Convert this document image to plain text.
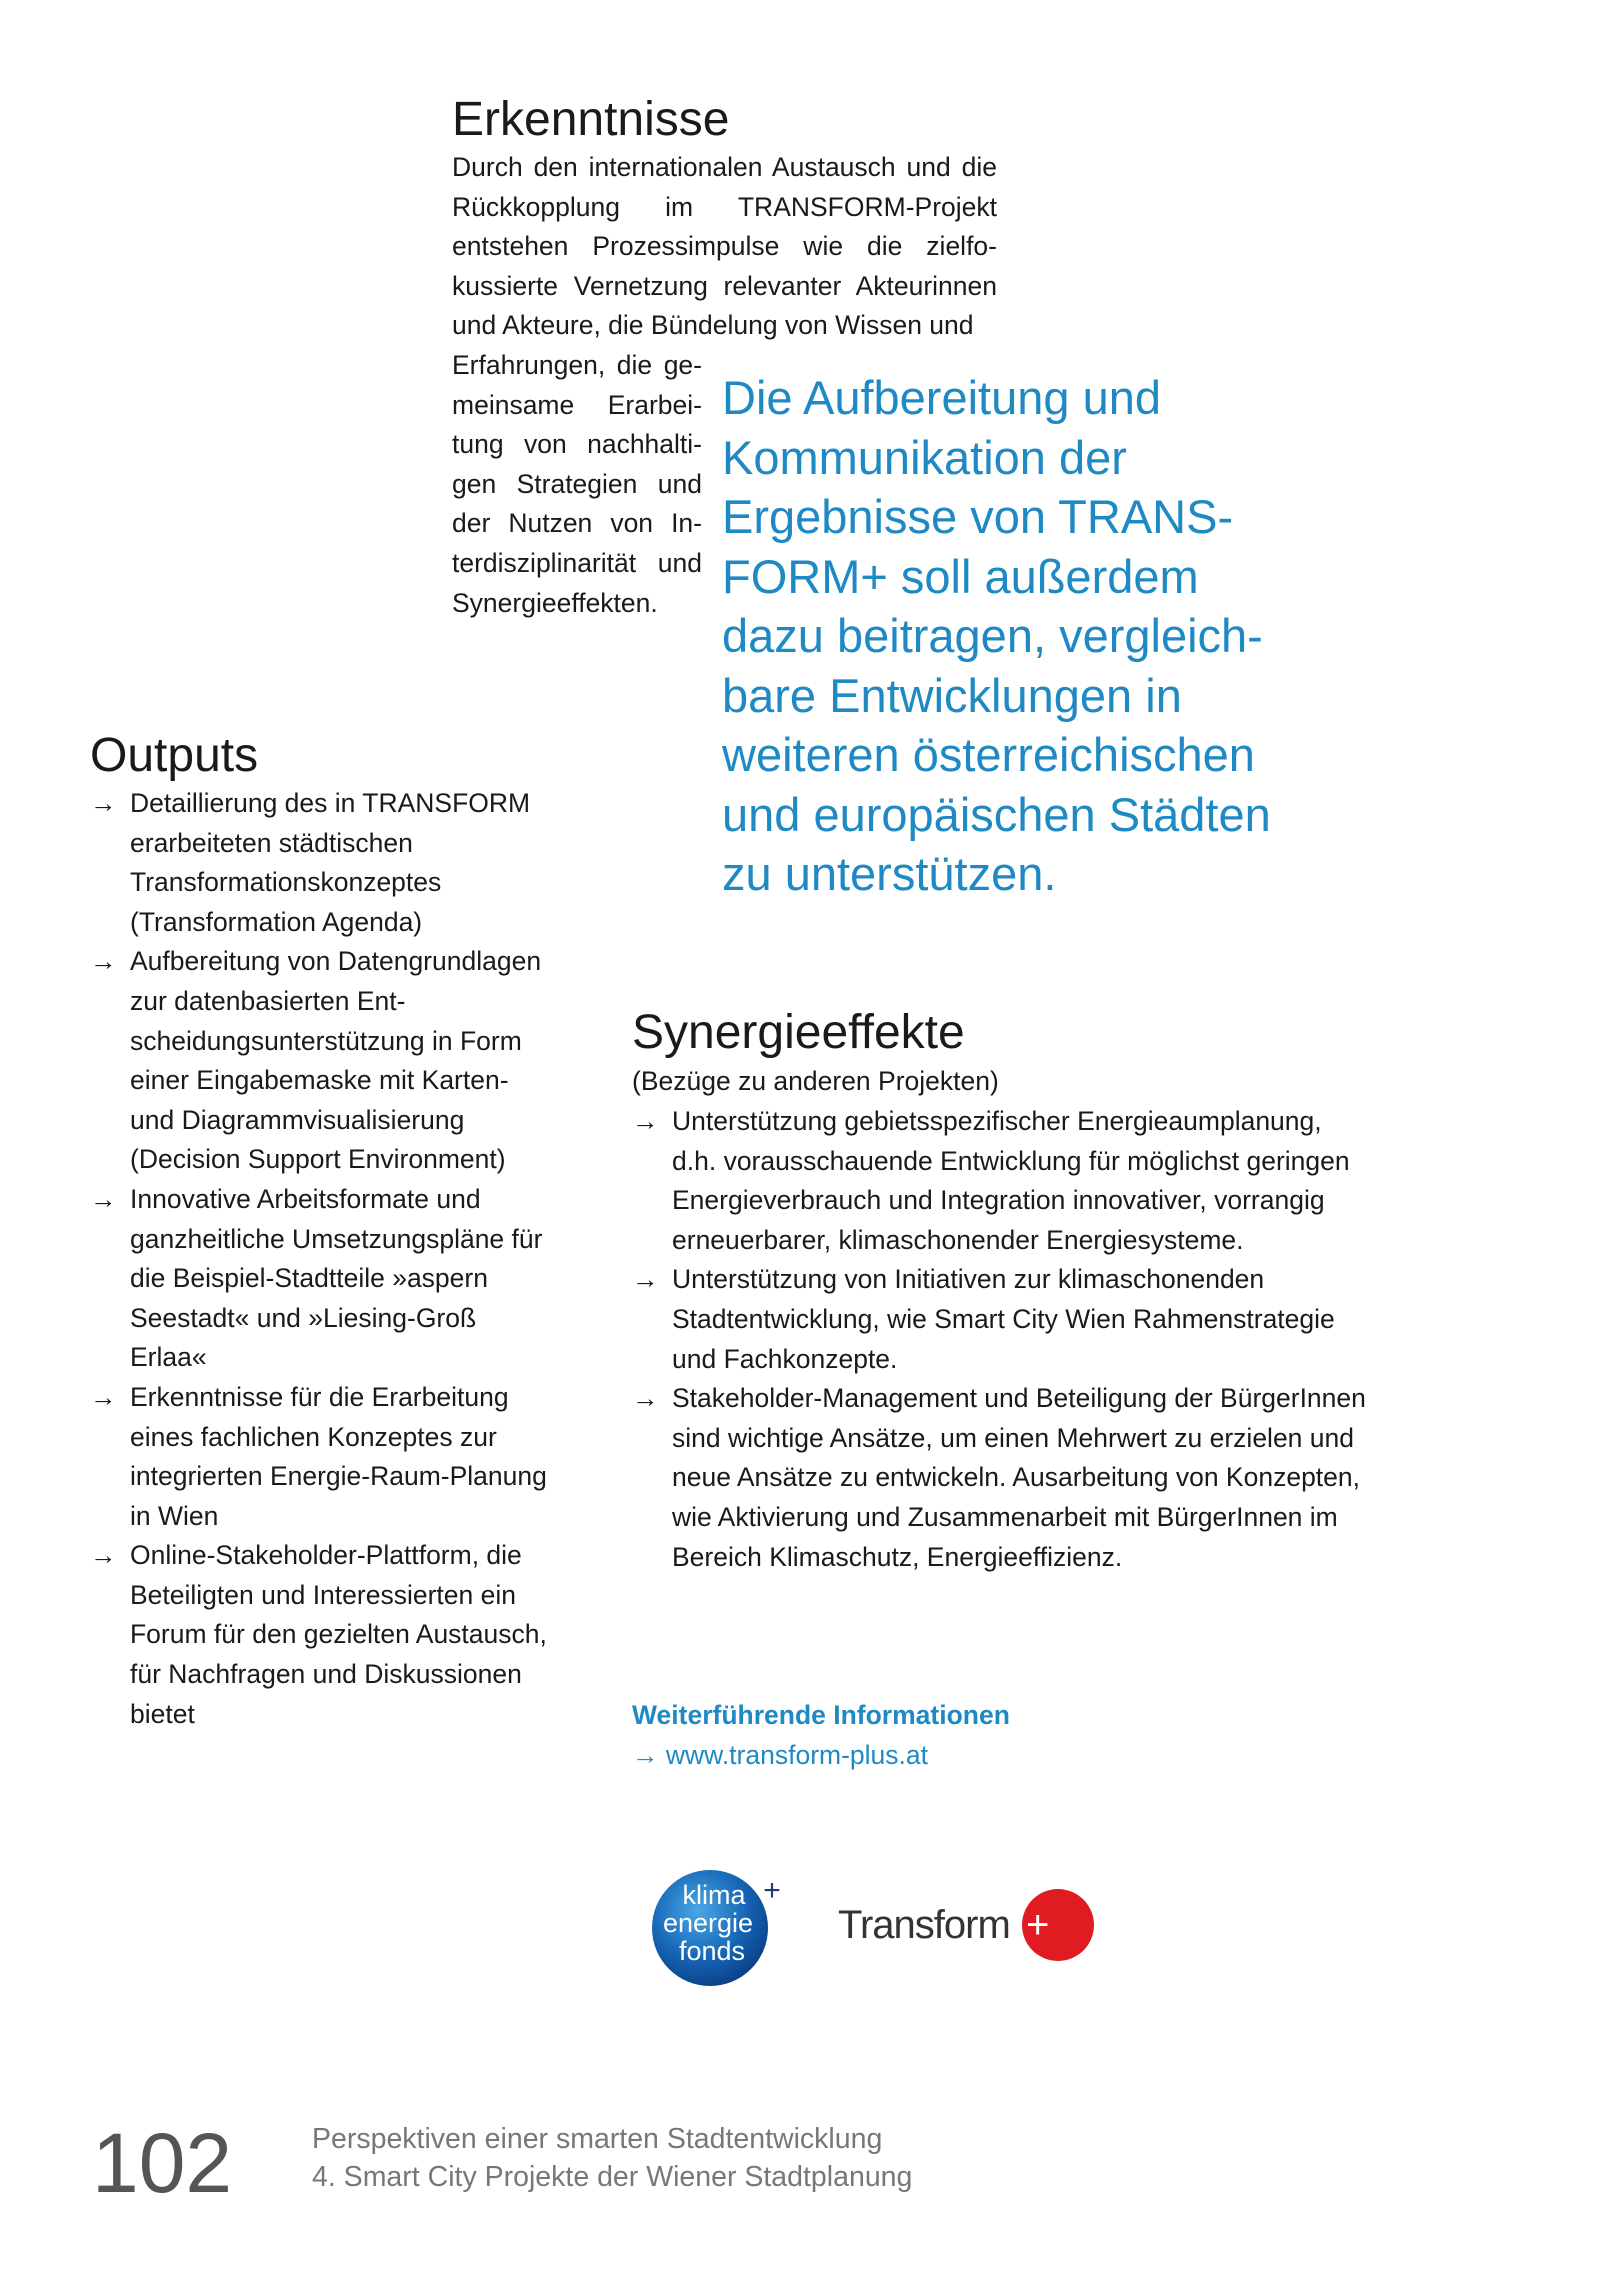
Erkenntnisse
Durch den internationalen Austausch und die Rückkopplung im TRANSFORM-Projekt entstehen Prozessimpulse wie die zielfokussierte Vernetzung relevanter Akteurinnen und Akteure, die Bündelung von Wissen und
Erfahrungen, die gemeinsame Erarbeitung von nachhaltigen Strategien und der Nutzen von Interdisziplinarität und Synergieeffekten.
Die Aufbereitung und
Kommunikation der
Ergebnisse von TRANS-
FORM+ soll außerdem
dazu beitragen, vergleich-
bare Entwicklungen in
weiteren österreichischen
und europäischen Städten
zu unterstützen.
Outputs
→ Detaillierung des in TRANSFORM erarbeiteten städtischen Transformationskonzeptes (Transformation Agenda)
→ Aufbereitung von Datengrundlagen zur datenbasierten Entscheidungsunterstützung in Form einer Eingabemaske mit Karten- und Diagrammvisualisierung (Decision Support Environment)
→ Innovative Arbeitsformate und ganzheitliche Umsetzungspläne für die Beispiel-Stadtteile »aspern Seestadt« und »Liesing-Groß Erlaa«
→ Erkenntnisse für die Erarbeitung eines fachlichen Konzeptes zur integrierten Energie-Raum-Planung in Wien
→ Online-Stakeholder-Plattform, die Beteiligten und Interessierten ein Forum für den gezielten Austausch, für Nachfragen und Diskussionen bietet
Synergieeffekte
(Bezüge zu anderen Projekten)
→ Unterstützung gebietsspezifischer Energieaumplanung, d.h. vorausschauende Entwicklung für möglichst geringen Energieverbrauch und Integration innovativer, vorrangig erneuerbarer, klimaschonender Energiesysteme.
→ Unterstützung von Initiativen zur klimaschonenden Stadtentwicklung, wie Smart City Wien Rahmenstrategie und Fachkonzepte.
→ Stakeholder-Management und Beteiligung der BürgerInnen sind wichtige Ansätze, um einen Mehrwert zu erzielen und neue Ansätze zu entwickeln. Ausarbeitung von Konzepten, wie Aktivierung und Zusammenarbeit mit BürgerInnen im Bereich Klimaschutz, Energieeffizienz.
Weiterführende Informationen
→ www.transform-plus.at
klima
energie
fonds
+
Transform +
102	Perspektiven einer smarten Stadtentwicklung
4. Smart City Projekte der Wiener Stadtplanung
